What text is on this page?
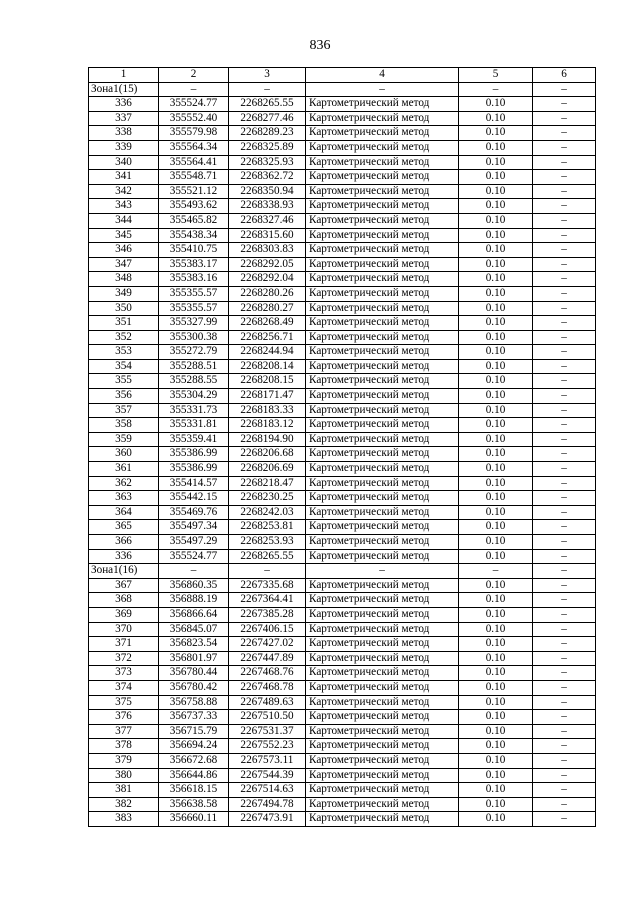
836
1	2	3	4	5	6
Зона1(15)	–	–	–	–	–
336	355524.77	2268265.55	Картометрический метод	0.10	–
337	355552.40	2268277.46	Картометрический метод	0.10	–
338	355579.98	2268289.23	Картометрический метод	0.10	–
339	355564.34	2268325.89	Картометрический метод	0.10	–
340	355564.41	2268325.93	Картометрический метод	0.10	–
341	355548.71	2268362.72	Картометрический метод	0.10	–
342	355521.12	2268350.94	Картометрический метод	0.10	–
343	355493.62	2268338.93	Картометрический метод	0.10	–
344	355465.82	2268327.46	Картометрический метод	0.10	–
345	355438.34	2268315.60	Картометрический метод	0.10	–
346	355410.75	2268303.83	Картометрический метод	0.10	–
347	355383.17	2268292.05	Картометрический метод	0.10	–
348	355383.16	2268292.04	Картометрический метод	0.10	–
349	355355.57	2268280.26	Картометрический метод	0.10	–
350	355355.57	2268280.27	Картометрический метод	0.10	–
351	355327.99	2268268.49	Картометрический метод	0.10	–
352	355300.38	2268256.71	Картометрический метод	0.10	–
353	355272.79	2268244.94	Картометрический метод	0.10	–
354	355288.51	2268208.14	Картометрический метод	0.10	–
355	355288.55	2268208.15	Картометрический метод	0.10	–
356	355304.29	2268171.47	Картометрический метод	0.10	–
357	355331.73	2268183.33	Картометрический метод	0.10	–
358	355331.81	2268183.12	Картометрический метод	0.10	–
359	355359.41	2268194.90	Картометрический метод	0.10	–
360	355386.99	2268206.68	Картометрический метод	0.10	–
361	355386.99	2268206.69	Картометрический метод	0.10	–
362	355414.57	2268218.47	Картометрический метод	0.10	–
363	355442.15	2268230.25	Картометрический метод	0.10	–
364	355469.76	2268242.03	Картометрический метод	0.10	–
365	355497.34	2268253.81	Картометрический метод	0.10	–
366	355497.29	2268253.93	Картометрический метод	0.10	–
336	355524.77	2268265.55	Картометрический метод	0.10	–
Зона1(16)	–	–	–	–	–
367	356860.35	2267335.68	Картометрический метод	0.10	–
368	356888.19	2267364.41	Картометрический метод	0.10	–
369	356866.64	2267385.28	Картометрический метод	0.10	–
370	356845.07	2267406.15	Картометрический метод	0.10	–
371	356823.54	2267427.02	Картометрический метод	0.10	–
372	356801.97	2267447.89	Картометрический метод	0.10	–
373	356780.44	2267468.76	Картометрический метод	0.10	–
374	356780.42	2267468.78	Картометрический метод	0.10	–
375	356758.88	2267489.63	Картометрический метод	0.10	–
376	356737.33	2267510.50	Картометрический метод	0.10	–
377	356715.79	2267531.37	Картометрический метод	0.10	–
378	356694.24	2267552.23	Картометрический метод	0.10	–
379	356672.68	2267573.11	Картометрический метод	0.10	–
380	356644.86	2267544.39	Картометрический метод	0.10	–
381	356618.15	2267514.63	Картометрический метод	0.10	–
382	356638.58	2267494.78	Картометрический метод	0.10	–
383	356660.11	2267473.91	Картометрический метод	0.10	–
